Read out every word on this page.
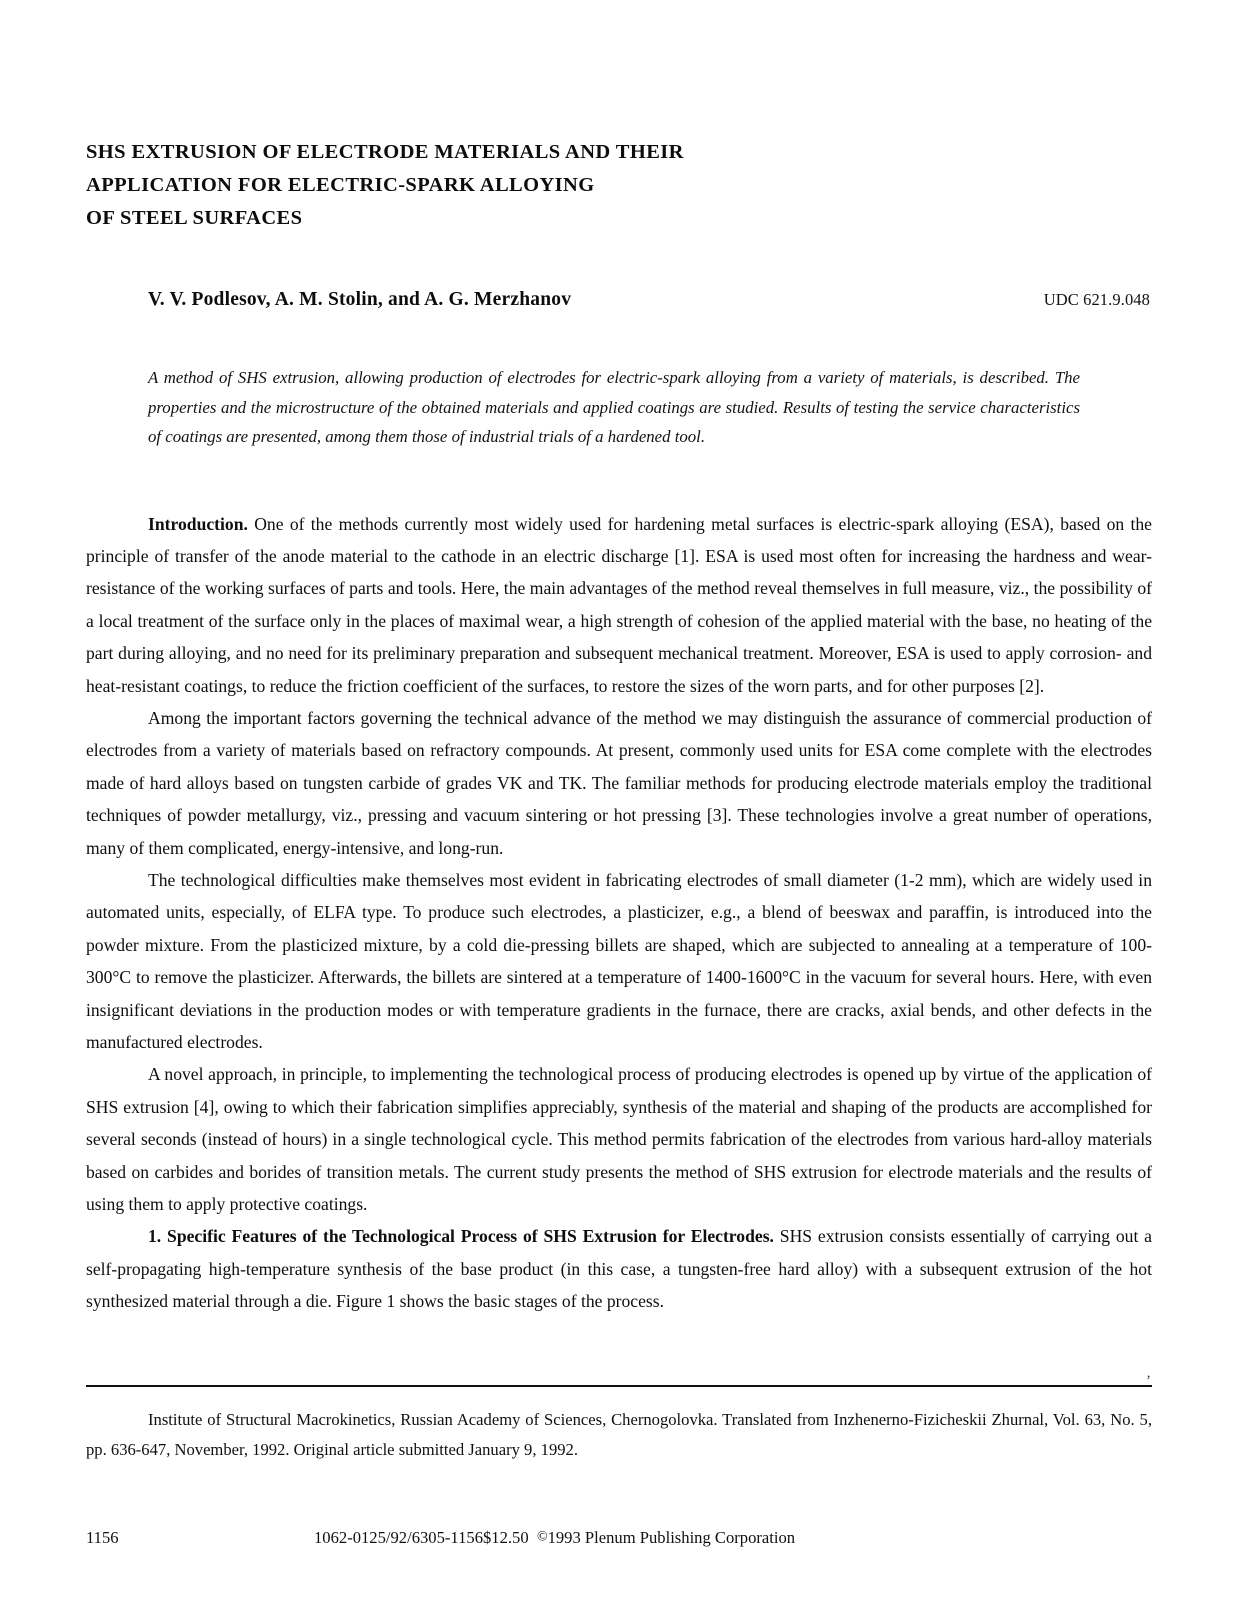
SHS EXTRUSION OF ELECTRODE MATERIALS AND THEIR
APPLICATION FOR ELECTRIC-SPARK ALLOYING
OF STEEL SURFACES
V. V. Podlesov, A. M. Stolin, and A. G. Merzhanov	UDC 621.9.048
A method of SHS extrusion, allowing production of electrodes for electric-spark alloying from a variety of materials, is described. The properties and the microstructure of the obtained materials and applied coatings are studied. Results of testing the service characteristics of coatings are presented, among them those of industrial trials of a hardened tool.

Introduction. One of the methods currently most widely used for hardening metal surfaces is electric-spark alloying (ESA), based on the principle of transfer of the anode material to the cathode in an electric discharge [1]. ESA is used most often for increasing the hardness and wear-resistance of the working surfaces of parts and tools. Here, the main advantages of the method reveal themselves in full measure, viz., the possibility of a local treatment of the surface only in the places of maximal wear, a high strength of cohesion of the applied material with the base, no heating of the part during alloying, and no need for its preliminary preparation and subsequent mechanical treatment. Moreover, ESA is used to apply corrosion- and heat-resistant coatings, to reduce the friction coefficient of the surfaces, to restore the sizes of the worn parts, and for other purposes [2].

Among the important factors governing the technical advance of the method we may distinguish the assurance of commercial production of electrodes from a variety of materials based on refractory compounds. At present, commonly used units for ESA come complete with the electrodes made of hard alloys based on tungsten carbide of grades VK and TK. The familiar methods for producing electrode materials employ the traditional techniques of powder metallurgy, viz., pressing and vacuum sintering or hot pressing [3]. These technologies involve a great number of operations, many of them complicated, energy-intensive, and long-run.

The technological difficulties make themselves most evident in fabricating electrodes of small diameter (1-2 mm), which are widely used in automated units, especially, of ELFA type. To produce such electrodes, a plasticizer, e.g., a blend of beeswax and paraffin, is introduced into the powder mixture. From the plasticized mixture, by a cold die-pressing billets are shaped, which are subjected to annealing at a temperature of 100-300°C to remove the plasticizer. Afterwards, the billets are sintered at a temperature of 1400-1600°C in the vacuum for several hours. Here, with even insignificant deviations in the production modes or with temperature gradients in the furnace, there are cracks, axial bends, and other defects in the manufactured electrodes.

A novel approach, in principle, to implementing the technological process of producing electrodes is opened up by virtue of the application of SHS extrusion [4], owing to which their fabrication simplifies appreciably, synthesis of the material and shaping of the products are accomplished for several seconds (instead of hours) in a single technological cycle. This method permits fabrication of the electrodes from various hard-alloy materials based on carbides and borides of transition metals. The current study presents the method of SHS extrusion for electrode materials and the results of using them to apply protective coatings.

1. Specific Features of the Technological Process of SHS Extrusion for Electrodes. SHS extrusion consists essentially of carrying out a self-propagating high-temperature synthesis of the base product (in this case, a tungsten-free hard alloy) with a subsequent extrusion of the hot synthesized material through a die. Figure 1 shows the basic stages of the process.

’

Institute of Structural Macrokinetics, Russian Academy of Sciences, Chernogolovka. Translated from Inzhenerno-Fizicheskii Zhurnal, Vol. 63, No. 5, pp. 636-647, November, 1992. Original article submitted January 9, 1992.

1156	1062-0125/92/6305-1156$12.50 ©1993 Plenum Publishing Corporation
